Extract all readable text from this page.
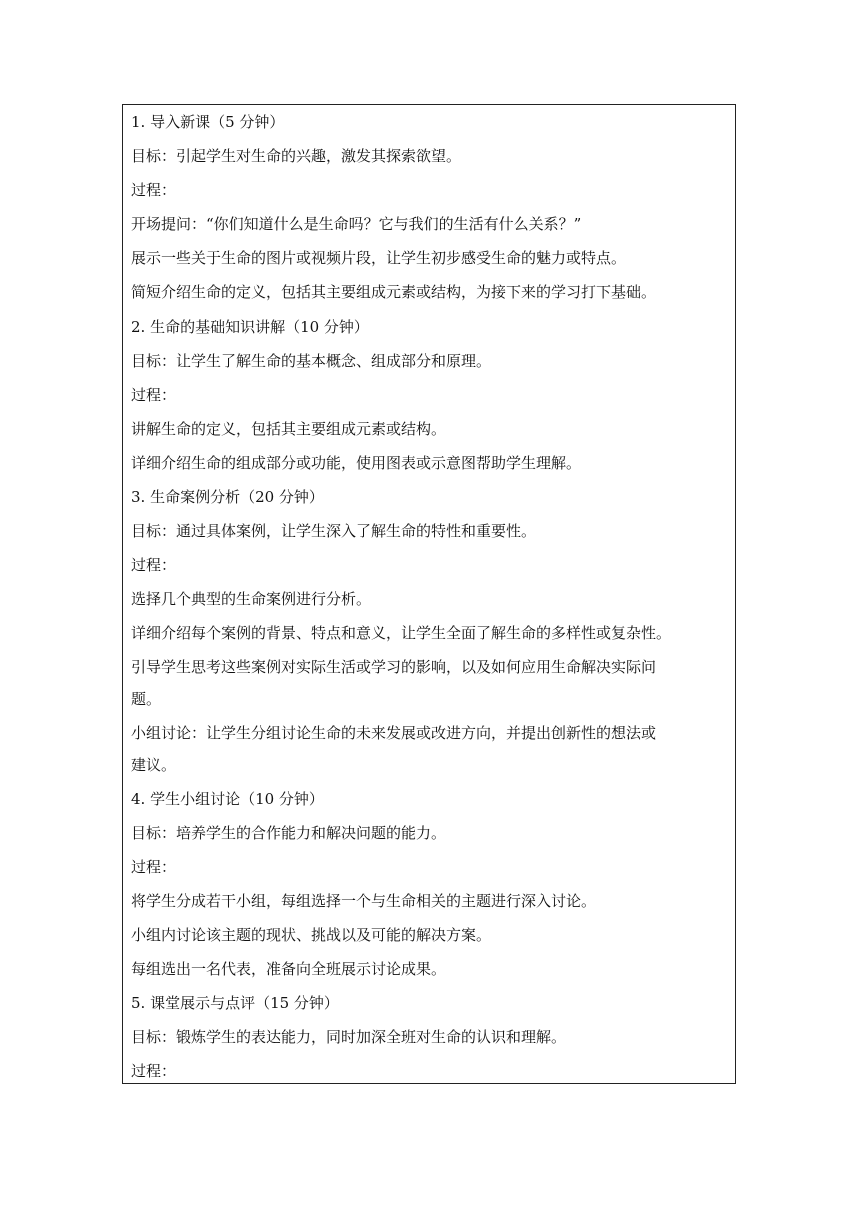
1. 导入新课（5 分钟）
目标：引起学生对生命的兴趣，激发其探索欲望。
过程：
开场提问：“你们知道什么是生命吗？它与我们的生活有什么关系？”
展示一些关于生命的图片或视频片段，让学生初步感受生命的魅力或特点。
简短介绍生命的定义，包括其主要组成元素或结构，为接下来的学习打下基础。
2. 生命的基础知识讲解（10 分钟）
目标：让学生了解生命的基本概念、组成部分和原理。
过程：
讲解生命的定义，包括其主要组成元素或结构。
详细介绍生命的组成部分或功能，使用图表或示意图帮助学生理解。
3. 生命案例分析（20 分钟）
目标：通过具体案例，让学生深入了解生命的特性和重要性。
过程：
选择几个典型的生命案例进行分析。
详细介绍每个案例的背景、特点和意义，让学生全面了解生命的多样性或复杂性。
引导学生思考这些案例对实际生活或学习的影响，以及如何应用生命解决实际问
题。
小组讨论：让学生分组讨论生命的未来发展或改进方向，并提出创新性的想法或
建议。
4. 学生小组讨论（10 分钟）
目标：培养学生的合作能力和解决问题的能力。
过程：
将学生分成若干小组，每组选择一个与生命相关的主题进行深入讨论。
小组内讨论该主题的现状、挑战以及可能的解决方案。
每组选出一名代表，准备向全班展示讨论成果。
5. 课堂展示与点评（15 分钟）
目标：锻炼学生的表达能力，同时加深全班对生命的认识和理解。
过程：
